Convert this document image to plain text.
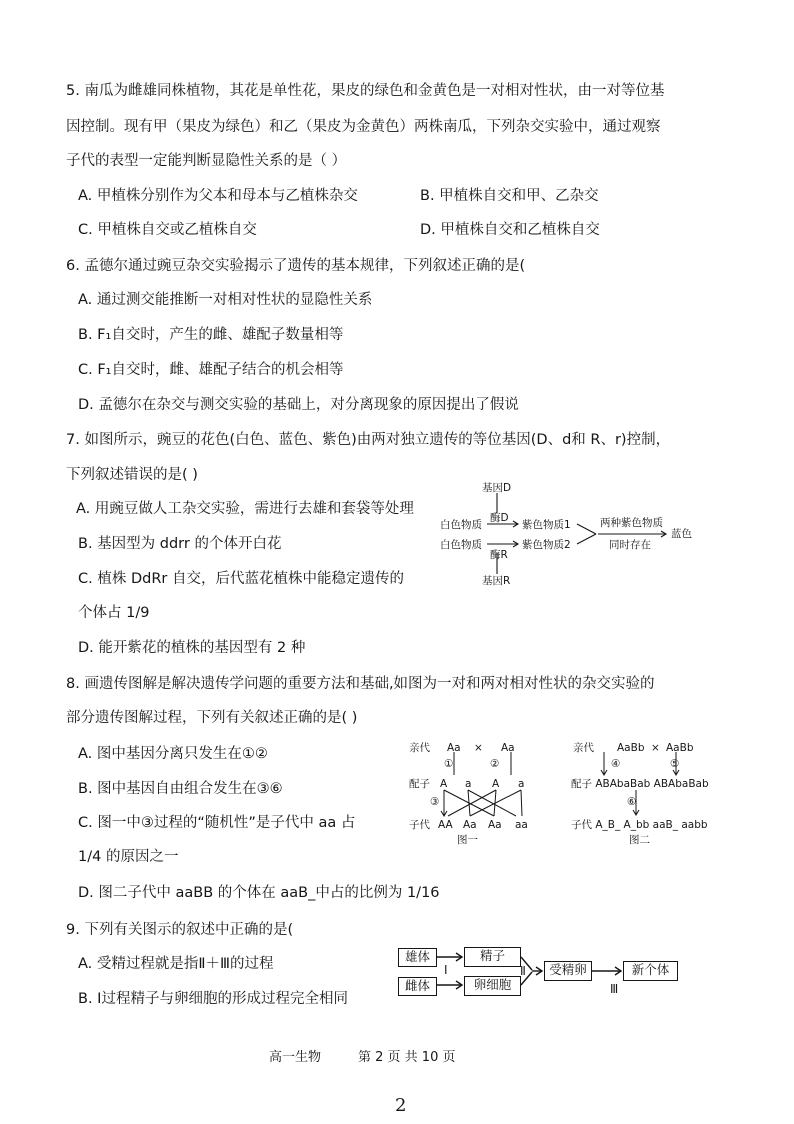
5. 南瓜为雌雄同株植物，其花是单性花，果皮的绿色和金黄色是一对相对性状，由一对等位基
因控制。现有甲（果皮为绿色）和乙（果皮为金黄色）两株南瓜，下列杂交实验中，通过观察
子代的表型一定能判断显隐性关系的是（ ）
A. 甲植株分别作为父本和母本与乙植株杂交	B. 甲植株自交和甲、乙杂交
C. 甲植株自交或乙植株自交	D. 甲植株自交和乙植株自交
6. 孟德尔通过豌豆杂交实验揭示了遗传的基本规律，下列叙述正确的是(
A. 通过测交能推断一对相对性状的显隐性关系
B. F₁自交时，产生的雌、雄配子数量相等
C. F₁自交时，雌、雄配子结合的机会相等
D. 孟德尔在杂交与测交实验的基础上，对分离现象的原因提出了假说
7. 如图所示，豌豆的花色(白色、蓝色、紫色)由两对独立遗传的等位基因(D、d和 R、r)控制，
下列叙述错误的是( )
A. 用豌豆做人工杂交实验，需进行去雄和套袋等处理
B. 基因型为 ddrr 的个体开白花
C. 植株 DdRr 自交，后代蓝花植株中能稳定遗传的
个体占 1/9
D. 能开紫花的植株的基因型有 2 种
基因D
酶D
白色物质	紫色物质1
白色物质	紫色物质2
酶R
基因R
两种紫色物质
同时存在
蓝色
8. 画遗传图解是解决遗传学问题的重要方法和基础,如图为一对和两对相对性状的杂交实验的
部分遗传图解过程，下列有关叙述正确的是( )
A. 图中基因分离只发生在①②
B. 图中基因自由组合发生在③⑥
C. 图一中③过程的“随机性”是子代中 aa 占
1/4 的原因之一
D. 图二子代中 aaBB 的个体在 aaB_中占的比例为 1/16
亲代 Aa × Aa
①	②
配子 A a A a
③
子代 AA Aa Aa aa
图一
亲代 AaBb × AaBb
④	⑤
配子 ABAbaBab ABAbaBab
⑥
子代 A_B_ A_bb aaB_ aabb
图二
9. 下列有关图示的叙述中正确的是(
A. 受精过程就是指Ⅱ＋Ⅲ的过程
B. Ⅰ过程精子与卵细胞的形成过程完全相同
雄体	精子
雌体	卵细胞
受精卵	新个体
Ⅰ	Ⅱ
Ⅲ
高一生物	第 2 页 共 10 页
2
